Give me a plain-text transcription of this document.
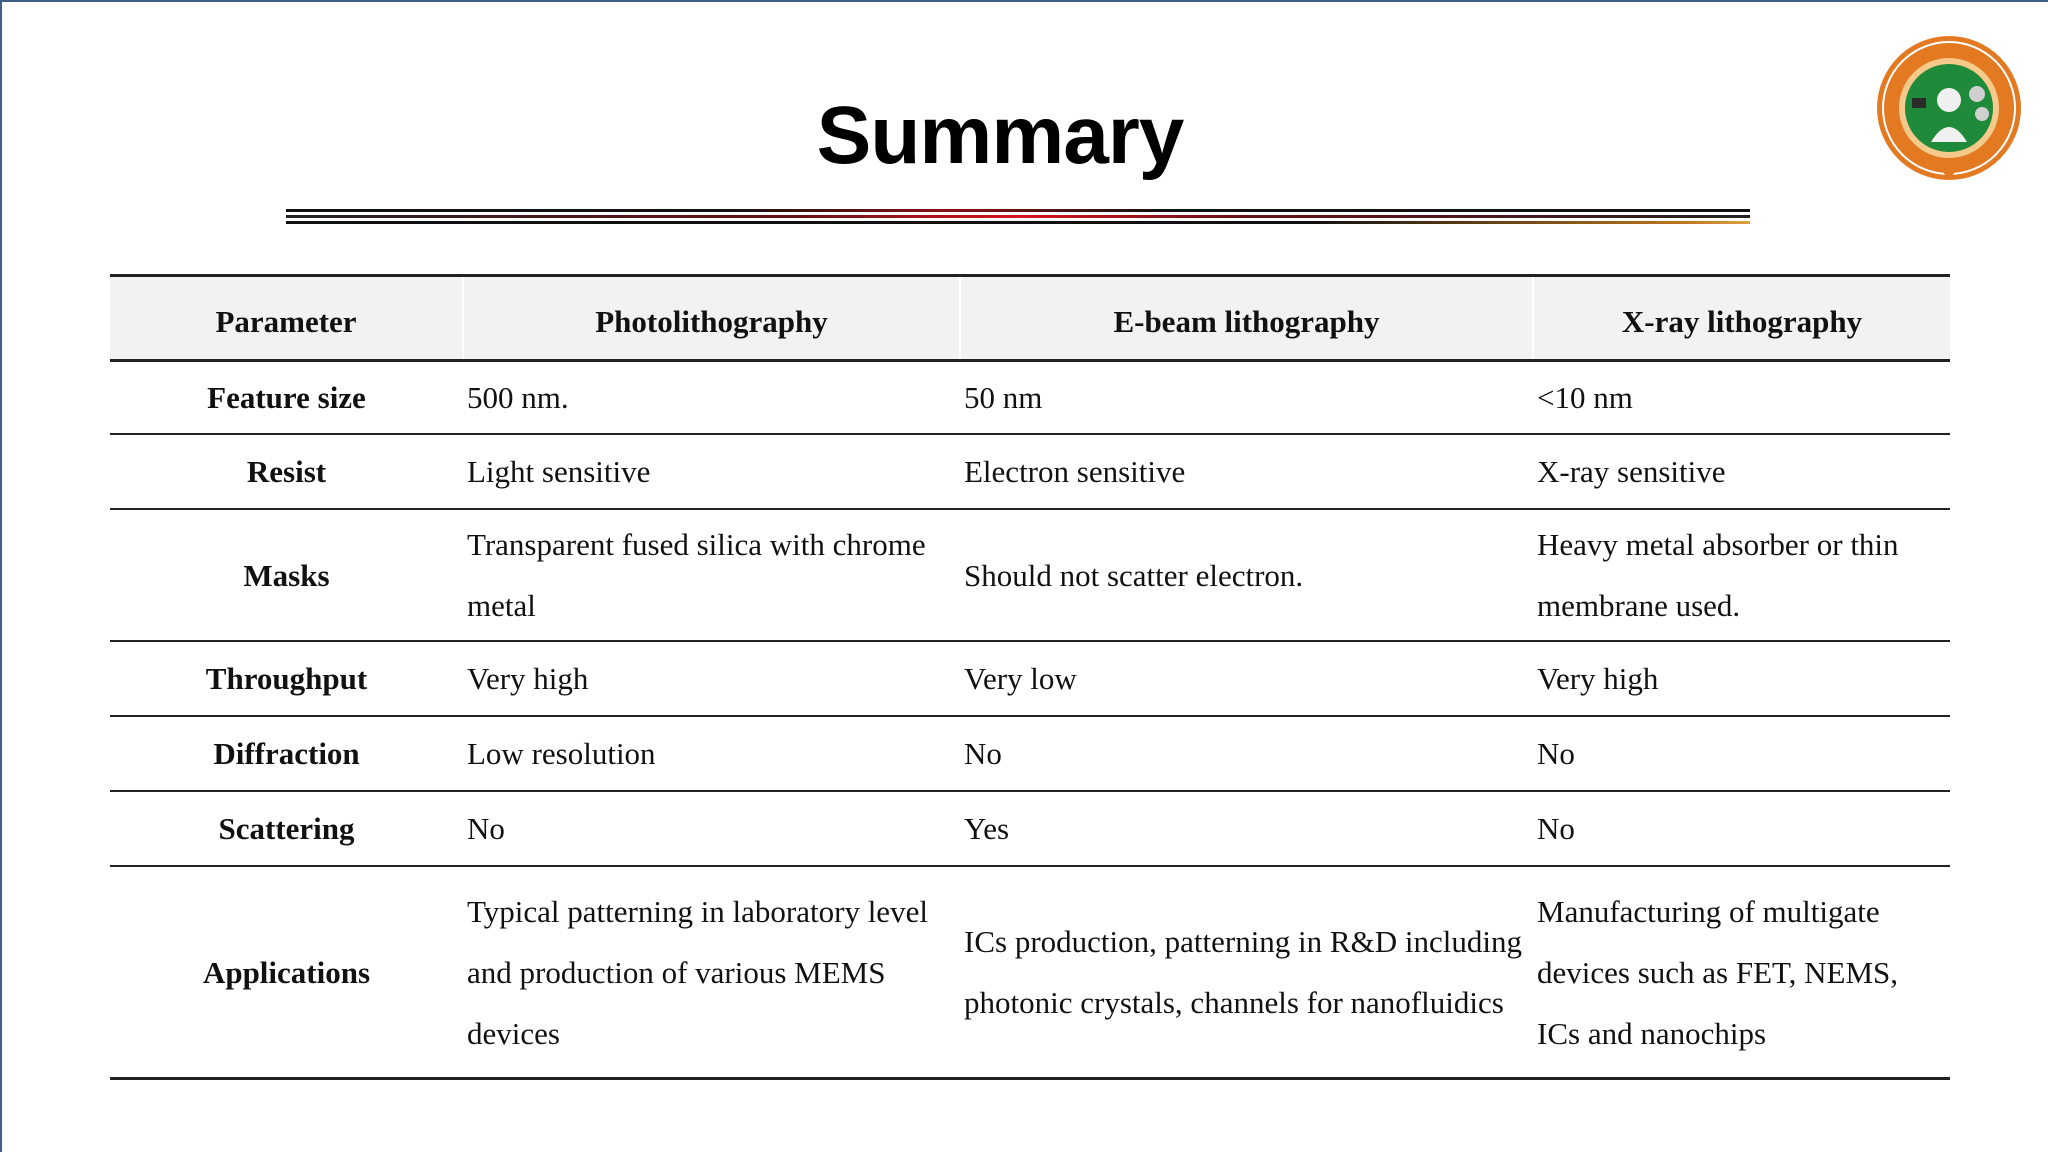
Summary
Parameter	Photolithography	E-beam lithography	X-ray lithography
Feature size	500 nm.	50 nm	<10 nm
Resist	Light sensitive	Electron sensitive	X-ray sensitive
Masks	Transparent fused silica with chrome metal	Should not scatter electron.	Heavy metal absorber or thin membrane used.
Throughput	Very high	Very low	Very high
Diffraction	Low resolution	No	No
Scattering	No	Yes	No
Applications	Typical patterning in laboratory level and production of various MEMS devices	ICs production, patterning in R&D including photonic crystals, channels for nanofluidics	Manufacturing of multigate devices such as FET, NEMS, ICs and nanochips
